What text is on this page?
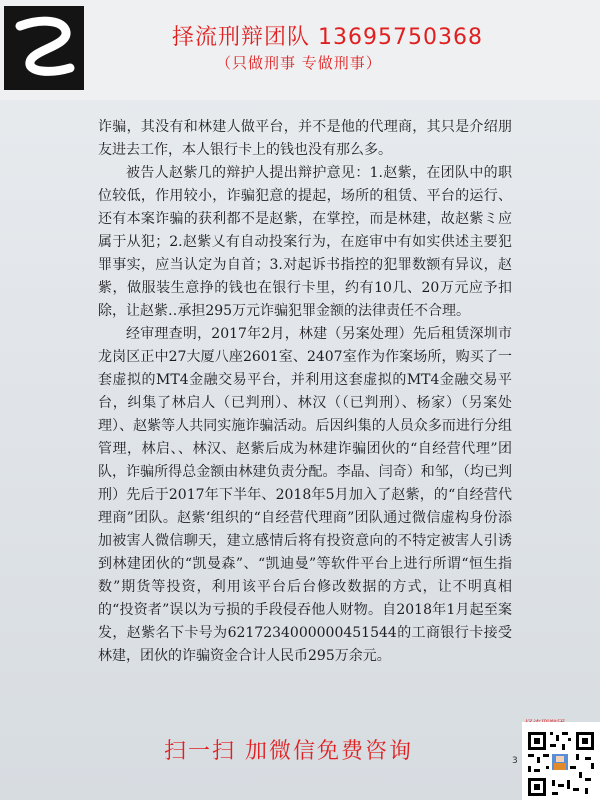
择流刑辩团队 13695750368
（只做刑事 专做刑事）

诈骗，其没有和林建人做平台，并不是他的代理商，其只是介绍朋友进去工作，本人银行卡上的钱也没有那么多。

被告人赵紫几的辩护人提出辩护意见：1.赵紫，在团队中的职位较低，作用较小，诈骗犯意的提起，场所的租赁、平台的运行、还有本案诈骗的获利都不是赵紫，在掌控，而是林建，故赵紫ミ应属于从犯；2.赵紫乂有自动投案行为，在庭审中有如实供述主要犯罪事实，应当认定为自首；3.对起诉书指控的犯罪数额有异议，赵紫，做服装生意挣的钱也在银行卡里，约有10几、20万元应予扣除，让赵紫‥承担295万元诈骗犯罪金额的法律责任不合理。

经审理查明，2017年2月，林建（另案处理）先后租赁深圳市龙岗区正中27大厦八座2601室、2407室作为作案场所，购买了一套虚拟的MT4金融交易平台，并利用这套虚拟的MT4金融交易平台，纠集了林启人（已判刑）、林汉（（已判刑）、杨家）（另案处理）、赵紫等人共同实施诈骗活动。后因纠集的人员众多而进行分组管理，林启、、林汉、赵紫后成为林建诈骗团伙的“自经营代理”团队，诈骗所得总金额由林建负责分配。李晶、闫奇）和邹，（均已判刑）先后于2017年下半年、2018年5月加入了赵紫，的“自经营代理商”团队。赵紫‘组织的“自经营代理商”团队通过微信虚构身份添加被害人微信聊天，建立感情后将有投资意向的不特定被害人引诱到林建团伙的“凯曼森”、“凯迪曼”等软件平台上进行所谓“恒生指数”期货等投资，利用该平台后台修改数据的方式，让不明真相的“投资者”误以为亏损的手段侵吞他人财物。自2018年1月起至案发，赵紫名下卡号为6217234000000451544的工商银行卡接受林建，团伙的诈骗资金合计人民币295万余元。

扫一扫 加微信免费咨询	3
